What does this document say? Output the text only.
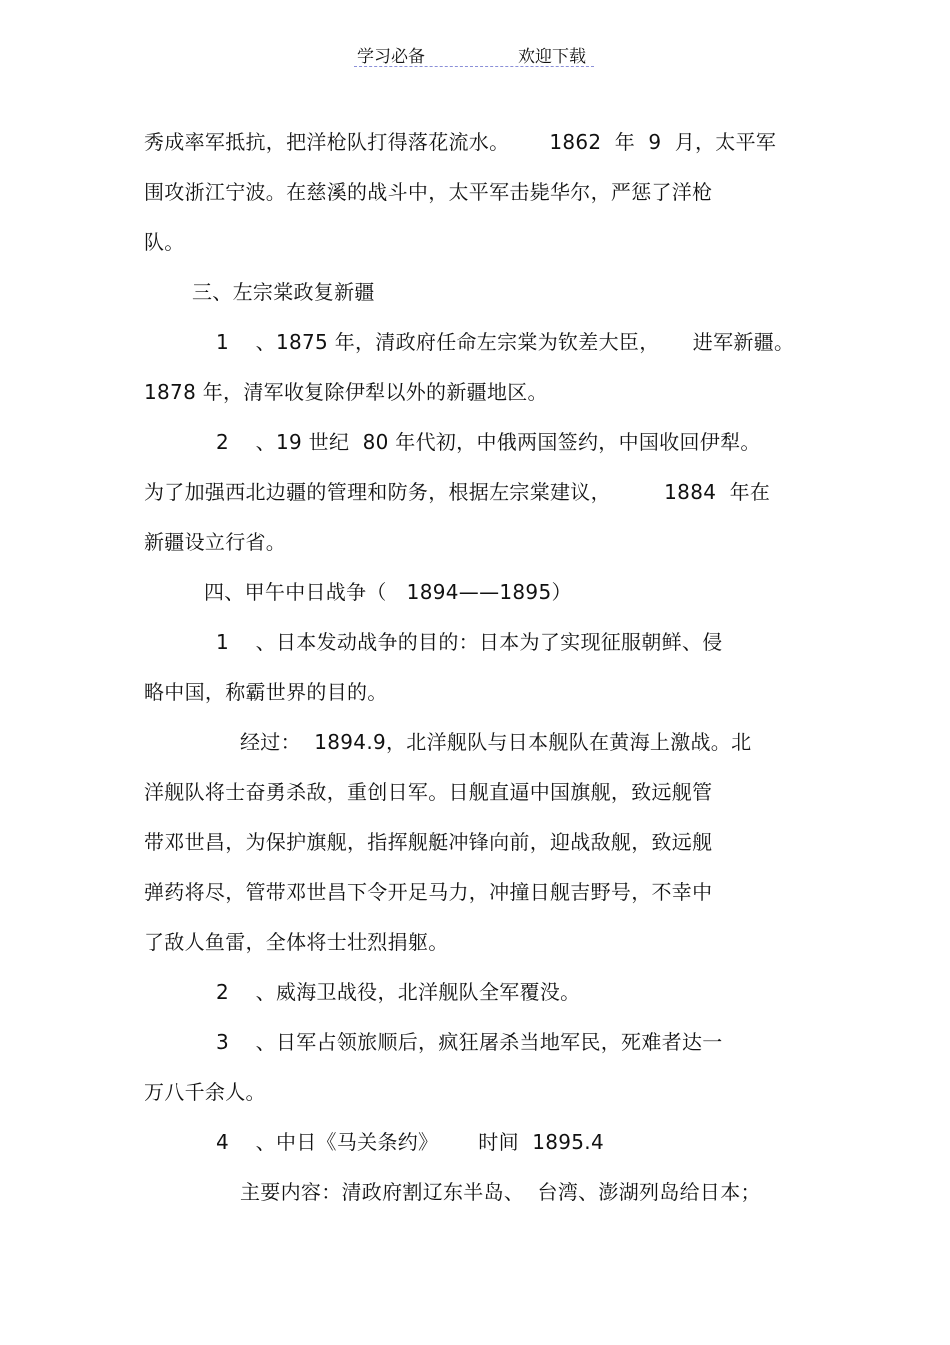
学习必备	欢迎下载
秀成率军抵抗，把洋枪队打得落花流水。      1862  年  9  月，太平军
围攻浙江宁波。在慈溪的战斗中，太平军击毙华尔，严惩了洋枪
队。
三、左宗棠政复新疆
1    、1875 年，清政府任命左宗棠为钦差大臣，     进军新疆。
1878 年，清军收复除伊犁以外的新疆地区。
2    、19 世纪  80 年代初，中俄两国签约，中国收回伊犁。
为了加强西北边疆的管理和防务，根据左宗棠建议，        1884  年在
新疆设立行省。
四、甲午中日战争（   1894——1895）
1    、日本发动战争的目的：日本为了实现征服朝鲜、侵
略中国，称霸世界的目的。
经过：  1894.9，北洋舰队与日本舰队在黄海上激战。北
洋舰队将士奋勇杀敌，重创日军。日舰直逼中国旗舰，致远舰管
带邓世昌，为保护旗舰，指挥舰艇冲锋向前，迎战敌舰，致远舰
弹药将尽，管带邓世昌下令开足马力，冲撞日舰吉野号，不幸中
了敌人鱼雷，全体将士壮烈捐躯。
2    、威海卫战役，北洋舰队全军覆没。
3    、日军占领旅顺后，疯狂屠杀当地军民，死难者达一
万八千余人。
4    、中日《马关条约》      时间  1895.4
主要内容：清政府割辽东半岛、  台湾、澎湖列岛给日本；
